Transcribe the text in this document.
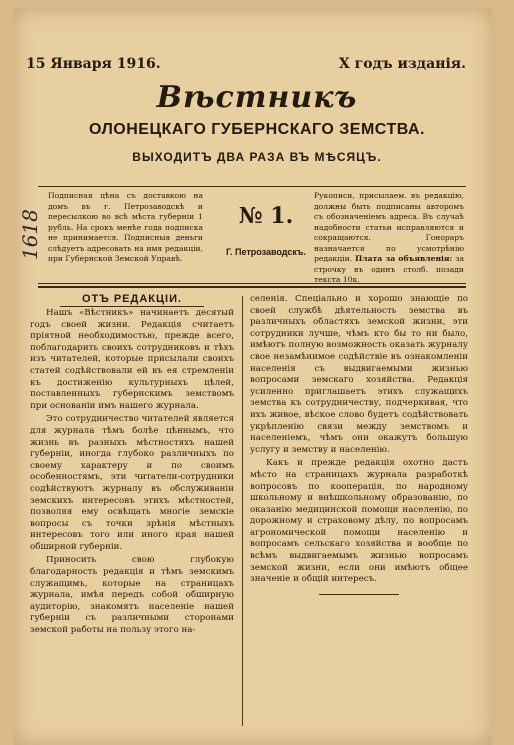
15 Января 1916.	X годъ изданія.
Вѣстникъ
ОЛОНЕЦКАГО ГУБЕРНСКАГО ЗЕМСТВА.
ВЫХОДИТЪ ДВА РАЗА ВЪ МѢСЯЦЪ.
1618
Подписная цѣна съ доставкою на домъ въ г. Петрозаводскѣ и пересылкою во всѣ мѣста губерніи 1 рубль. На срокъ менѣе года подписка не принимается. Подписныя деньги слѣдуетъ адресовать на имя редакціи, при Губернской Земской Управѣ.
№ 1.
Г. Петрозаводскъ.
Рукописи, присылаем. въ редакцію, должны быть подписаны авторомъ съ обозначеніемъ адреса. Въ случаѣ надобности статьи исправляются и сокращаются. Гонораръ назначается по усмотрѣнію редакціи. Плата за объявленія: за строчку въ одинъ столб. позади текста 10к.
ОТЪ РЕДАКЦІИ.

Нашъ «Вѣстникъ» начинаетъ десятый годъ своей жизни. Редакція считаетъ пріятной необходимостью, прежде всего, поблагодарить своихъ сотрудниковъ и тѣхъ изъ читателей, которые присылали своихъ статей содѣйствовали ей въ ея стремленіи къ достиженію культурныхъ цѣлей, поставленныхъ губернскимъ земствомъ при основаніи имъ нашего журнала.

Это сотрудничество читателей является для журнала тѣмъ болѣе цѣннымъ, что жизнь въ разныхъ мѣстностяхъ нашей губерніи, иногда глубоко различныхъ по своему характеру и по своимъ особенностямъ, эти читатели-сотрудники содѣйствуютъ журналу въ обслуживаніи земскихъ интересовъ этихъ мѣстностей, позволяя ему освѣщать многіе земскіе вопросы съ точки зрѣнія мѣстныхъ интересовъ того или иного края нашей обширной губерніи.

Приносить свою глубокую благодарность редакція и тѣмъ земскимъ служащимъ, которые на страницахъ журнала, имѣя передъ собой обширную аудиторію, знакомятъ населеніе нашей губерніи съ различными сторонами земской работы на пользу этого на-

селенія. Спеціально и хорошо знающіе по своей службѣ дѣятельность земства въ различныхъ областяхъ земской жизни, эти сотрудники лучше, чѣмъ кто бы то ни было, имѣютъ полную возможность оказать журналу свое незамѣнимое содѣйствіе въ ознакомленіи населенія съ выдвигаемыми жизнью вопросами земскаго хозяйства. Редакція усиленно приглашаетъ этихъ служащихъ земства къ сотрудничеству, подчеркивая, что ихъ живое, вѣское слово будетъ содѣйствовать укрѣпленію связи между земствомъ и населеніемъ, чѣмъ они окажутъ большую услугу и земству и населенію.

Какъ и прежде редакція охотно дастъ мѣсто на страницахъ журнала разработкѣ вопросовъ по кооперація, по народному школьному и внѣшкольному образованію, по оказанію медицинской помощи населенію, по дорожному и страховому дѣлу, по вопросамъ агрономической помощи населенію и вопросамъ сельскаго хозяйства и вообще по всѣмъ выдвигаемымъ жизнью вопросамъ земской жизни, если они имѣютъ общее значеніе и общій интересъ.
